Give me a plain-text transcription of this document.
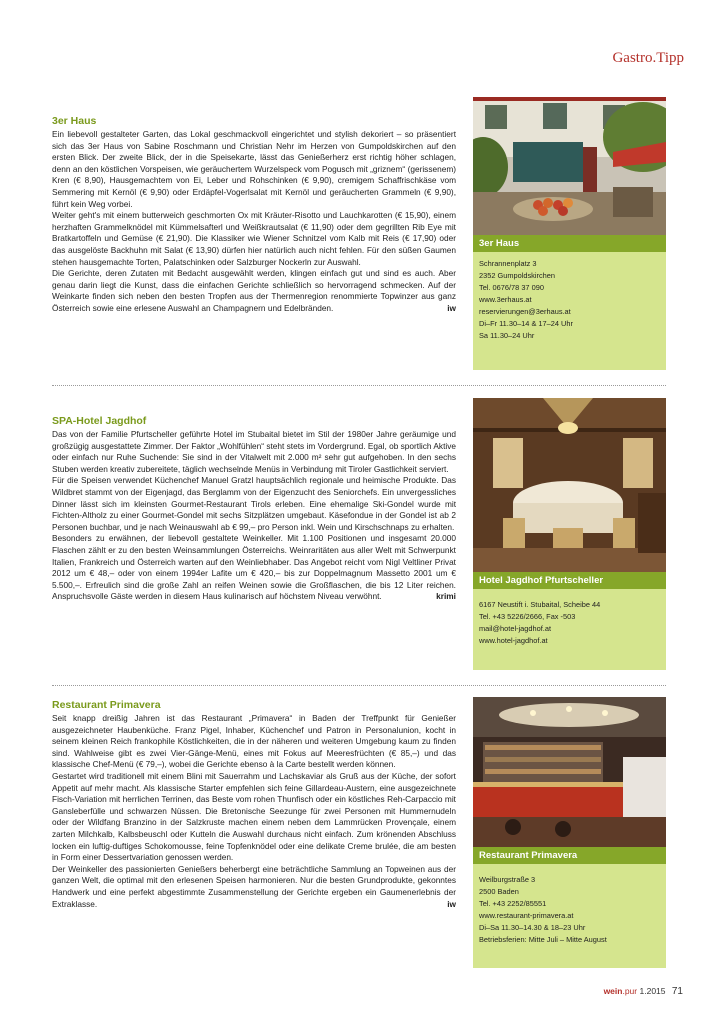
Gastro.Tipp
3er Haus

Ein liebevoll gestalteter Garten, das Lokal geschmackvoll eingerichtet und stylish dekoriert – so präsentiert sich das 3er Haus von Sabine Roschmann und Christian Nehr im Herzen von Gumpoldskirchen auf den ersten Blick. Der zweite Blick, der in die Speisekarte, lässt das Genießerherz erst richtig höher schlagen, denn an den köstlichen Vorspeisen, wie geräuchertem Wurzelspeck vom Pogusch mit „griznem“ (gerissenem) Kren (€ 8,90), Hausgemachtem von Ei, Leber und Rohschinken (€ 9,90), cremigem Schaffrischkäse vom Semmering mit Kernöl (€ 9,90) oder Erdäpfel-Vogerlsalat mit Kernöl und geräucherten Grammeln (€ 9,90), führt kein Weg vorbei.

Weiter geht's mit einem butterweich geschmorten Ox mit Kräuter-Risotto und Lauchkarotten (€ 15,90), einem herzhaften Grammelknödel mit Kümmelsafterl und Weißkrautsalat (€ 11,90) oder dem gegrillten Rib Eye mit Bratkartoffeln und Gemüse (€ 21,90). Die Klassiker wie Wiener Schnitzel vom Kalb mit Reis (€ 17,90) oder das ausgelöste Backhuhn mit Salat (€ 13,90) dürfen hier natürlich auch nicht fehlen. Für den süßen Gaumen stehen hausgemachte Torten, Palatschinken oder Salzburger Nockerln zur Auswahl.

Die Gerichte, deren Zutaten mit Bedacht ausgewählt werden, klingen einfach gut und sind es auch. Aber genau darin liegt die Kunst, dass die einfachen Gerichte schließlich so hervorragend schmecken. Auf der Weinkarte finden sich neben den besten Tropfen aus der Thermenregion renommierte Topwinzer aus ganz Österreich sowie eine erlesene Auswahl an Champagnern und Edelbränden.	iw
3er Haus
Schrannenplatz 3
2352 Gumpoldskirchen
Tel. 0676/78 37 090
www.3erhaus.at
reservierungen@3erhaus.at
Di–Fr 11.30–14 & 17–24 Uhr
Sa 11.30–24 Uhr
SPA-Hotel Jagdhof

Das von der Familie Pfurtscheller geführte Hotel im Stubaital bietet im Stil der 1980er Jahre geräumige und großzügig ausgestattete Zimmer. Der Faktor „Wohlfühlen“ steht stets im Vordergrund. Egal, ob sportlich Aktive oder einfach nur Ruhe Suchende: Sie sind in der Vitalwelt mit 2.000 m² sehr gut aufgehoben. In den sechs Stuben werden kreativ zubereitete, täglich wechselnde Menüs in Verbindung mit Tiroler Gastlichkeit serviert.

Für die Speisen verwendet Küchenchef Manuel Gratzl hauptsächlich regionale und heimische Produkte. Das Wildbret stammt von der Eigenjagd, das Berglamm von der Eigenzucht des Seniorchefs. Ein unvergessliches Dinner lässt sich im kleinsten Gourmet-Restaurant Tirols erleben. Eine ehemalige Ski-Gondel wurde mit Fichten-Altholz zu einer Gourmet-Gondel mit sechs Sitzplätzen umgebaut. Käsefondue in der Gondel ist ab 2 Personen buchbar, und je nach Weinauswahl ab € 99,– pro Person inkl. Wein und Kirschschnaps zu erhalten.

Besonders zu erwähnen, der liebevoll gestaltete Weinkeller. Mit 1.100 Positionen und insgesamt 20.000 Flaschen zählt er zu den besten Weinsammlungen Österreichs. Weinraritäten aus aller Welt mit Schwerpunkt Italien, Frankreich und Österreich warten auf den Weinliebhaber. Das Angebot reicht vom Nigl Veltliner Privat 2012 um € 48,– oder von einem 1994er Lafite um € 420,– bis zur Doppelmagnum Massetto 2001 um € 5.500,–. Erfreulich sind die große Zahl an reifen Weinen sowie die Großflaschen, die bis 12 Liter reichen. Anspruchsvolle Gäste werden in diesem Haus kulinarisch auf höchstem Niveau verwöhnt.	krimi
Hotel Jagdhof Pfurtscheller
6167 Neustift i. Stubaital, Scheibe 44
Tel. +43 5226/2666, Fax -503
mail@hotel-jagdhof.at
www.hotel-jagdhof.at
Restaurant Primavera

Seit knapp dreißig Jahren ist das Restaurant „Primavera“ in Baden der Treffpunkt für Genießer ausgezeichneter Haubenküche. Franz Pigel, Inhaber, Küchenchef und Patron in Personalunion, kocht in seinem kleinen Reich frankophile Köstlichkeiten, die in der näheren und weiteren Umgebung kaum zu finden sind. Wahlweise gibt es zwei Vier-Gänge-Menü, eines mit Fokus auf Meeresfrüchten (€ 85,–) und das klassische Chef-Menü (€ 79,–), wobei die Gerichte ebenso à la Carte bestellt werden können.

Gestartet wird traditionell mit einem Blini mit Sauerrahm und Lachskaviar als Gruß aus der Küche, der sofort Appetit auf mehr macht. Als klassische Starter empfehlen sich feine Gillardeau-Austern, eine ausgezeichnete Fisch-Variation mit herrlichen Terrinen, das Beste vom rohen Thunfisch oder ein köstliches Reh-Carpaccio mit Gansleberfülle und schwarzen Nüssen. Die Bretonische Seezunge für zwei Personen mit Hummernudeln oder der Wildfang Branzino in der Salzkruste machen einem neben dem Lammrücken Provençale, einem zarten Milchkalb, Kalbsbeuschl oder Kutteln die Auswahl durchaus nicht einfach. Zum krönenden Abschluss locken ein luftig-duftiges Schokomousse, feine Topfenknödel oder eine delikate Creme brulée, die am besten in Form einer Dessertvariation genossen werden.

Der Weinkeller des passionierten Genießers beherbergt eine beträchtliche Sammlung an Topweinen aus der ganzen Welt, die optimal mit den erlesenen Speisen harmonieren. Nur die besten Grundprodukte, gekonntes Handwerk und eine perfekt abgestimmte Zusammenstellung der Gerichte ergeben ein Gaumenerlebnis der Extraklasse.	iw
Restaurant Primavera
Weilburgstraße 3
2500 Baden
Tel. +43 2252/85551
www.restaurant-primavera.at
Di–Sa 11.30–14.30 & 18–23 Uhr
Betriebsferien: Mitte Juli – Mitte August
wein.pur 1.2015 71
